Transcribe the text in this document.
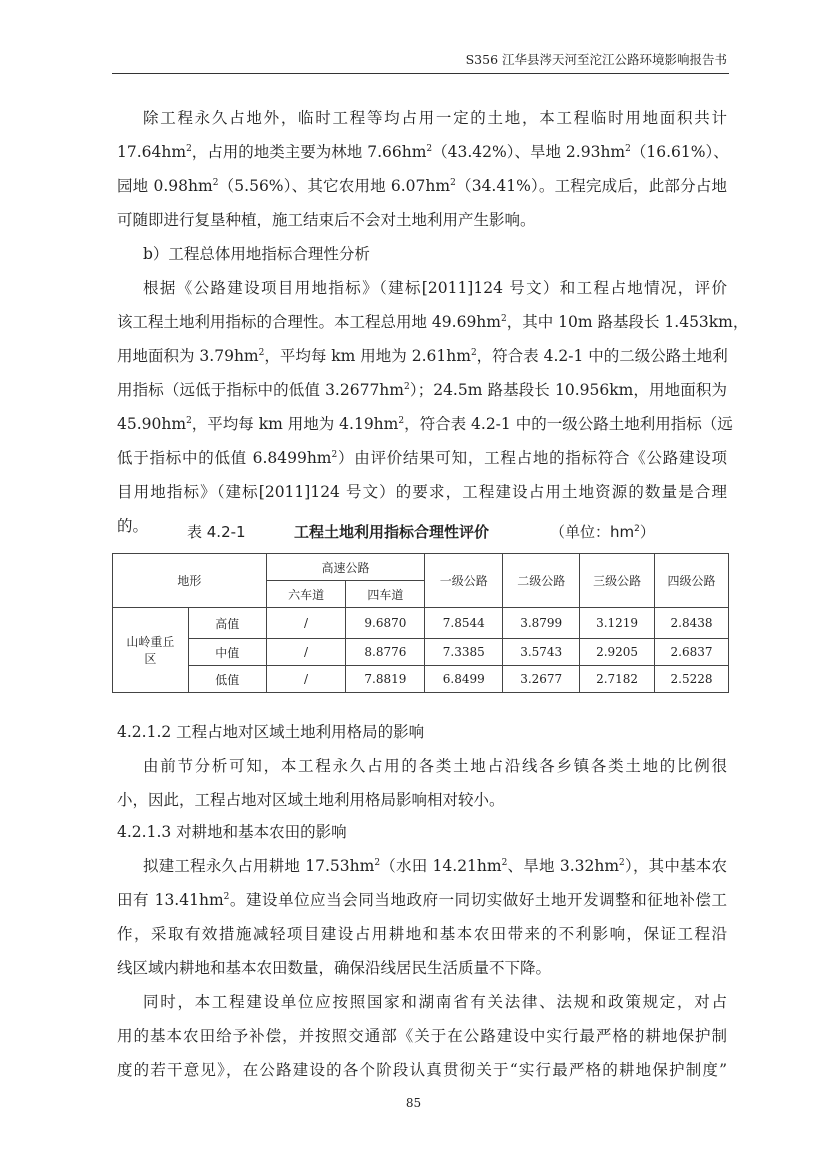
S356 江华县涔天河至沱江公路环境影响报告书
除工程永久占地外，临时工程等均占用一定的土地，本工程临时用地面积共计
$17.64hm^2$，占用的地类主要为林地 $7.66hm^2(43.42\%)$、旱地 $2.93hm^2(16.61\%)$、
园地 $0.98hm^2(5.56\%)$、其它农用地 $6.07hm^2(34.41\%)$。工程完成后，此部分占地
可随即进行复垦种植，施工结束后不会对土地利用产生影响。
b）工程总体用地指标合理性分析
根据《公路建设项目用地指标》（建标[2011]124 号文）和工程占地情况，评价
该工程土地利用指标的合理性。本工程总用地 $49.69hm^2$，其中 10m 路基段长 1.453km，
用地面积为 $3.79hm^2$，平均每 km 用地为 $2.61hm^2$，符合表 4.2-1 中的二级公路土地利
用指标（远低于指标中的低值 $3.2677hm^2$）；24.5m 路基段长 10.956km，用地面积为
$45.90hm^2$，平均每 km 用地为 $4.19hm^2$，符合表 4.2-1 中的一级公路土地利用指标（远
低于指标中的低值 $6.8499hm^2$）由评价结果可知，工程占地的指标符合《公路建设项
目用地指标》（建标[2011]124 号文）的要求，工程建设占用土地资源的数量是合理
的。
4.2.1.2 工程占地对区域土地利用格局的影响
由前节分析可知，本工程永久占用的各类土地占沿线各乡镇各类土地的比例很
小，因此，工程占地对区域土地利用格局影响相对较小。
4.2.1.3 对耕地和基本农田的影响
拟建工程永久占用耕地 $17.53hm^2$（水田 $14.21hm^2$、旱地 $3.32hm^2$），其中基本农
田有 $13.41hm^2$。建设单位应当会同当地政府一同切实做好土地开发调整和征地补偿工
作，采取有效措施减轻项目建设占用耕地和基本农田带来的不利影响，保证工程沿
线区域内耕地和基本农田数量，确保沿线居民生活质量不下降。
同时，本工程建设单位应按照国家和湖南省有关法律、法规和政策规定，对占
用的基本农田给予补偿，并按照交通部《关于在公路建设中实行最严格的耕地保护制
度的若干意见》，在公路建设的各个阶段认真贯彻关于“实行最严格的耕地保护制度”
表 4.2-1	工程土地利用指标合理性评价	（单位：$hm^2$）
地形		高速公路		一级公路	二级公路	三级公路	四级公路
		六车道	四车道				
山岭重丘区	高值	/	9.6870	7.8544	3.8799	3.1219	2.8438
	中值	/	8.8776	7.3385	3.5743	2.9205	2.6837
	低值	/	7.8819	6.8499	3.2677	2.7182	2.5228
85
